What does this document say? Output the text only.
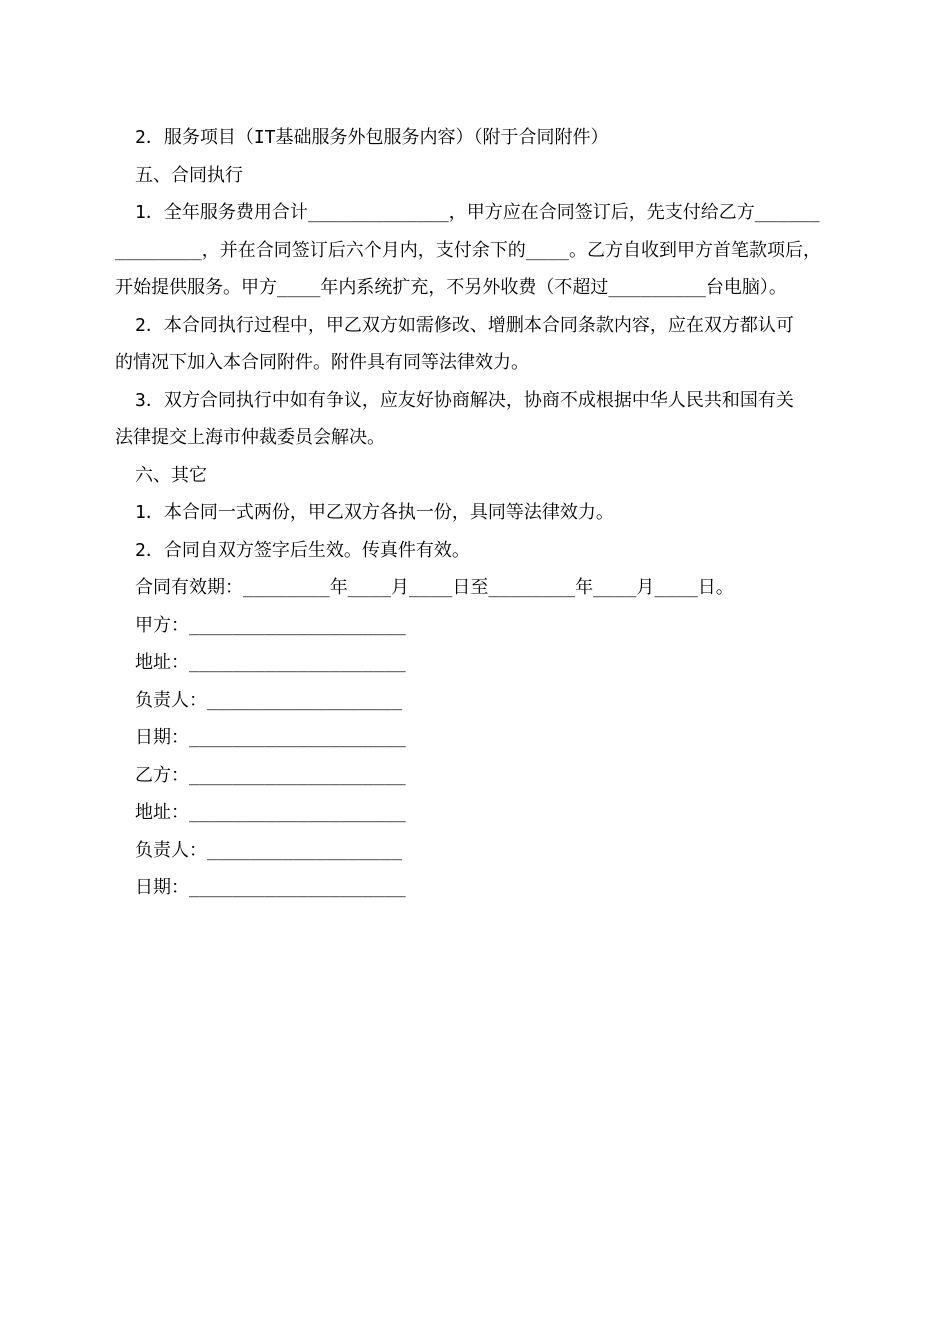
2．服务项目（IT基础服务外包服务内容）（附于合同附件）
五、合同执行
1．全年服务费用合计_____________，甲方应在合同签订后，先支付给乙方______
________，并在合同签订后六个月内，支付余下的____。乙方自收到甲方首笔款项后，
开始提供服务。甲方____年内系统扩充，不另外收费（不超过_________台电脑）。
2．本合同执行过程中，甲乙双方如需修改、增删本合同条款内容，应在双方都认可
的情况下加入本合同附件。附件具有同等法律效力。
3．双方合同执行中如有争议，应友好协商解决，协商不成根据中华人民共和国有关
法律提交上海市仲裁委员会解决。
六、其它
1．本合同一式两份，甲乙双方各执一份，具同等法律效力。
2．合同自双方签字后生效。传真件有效。
合同有效期：________年____月____日至________年____月____日。
甲方：____________________
地址：____________________
负责人：__________________
日期：____________________
乙方：____________________
地址：____________________
负责人：__________________
日期：____________________
